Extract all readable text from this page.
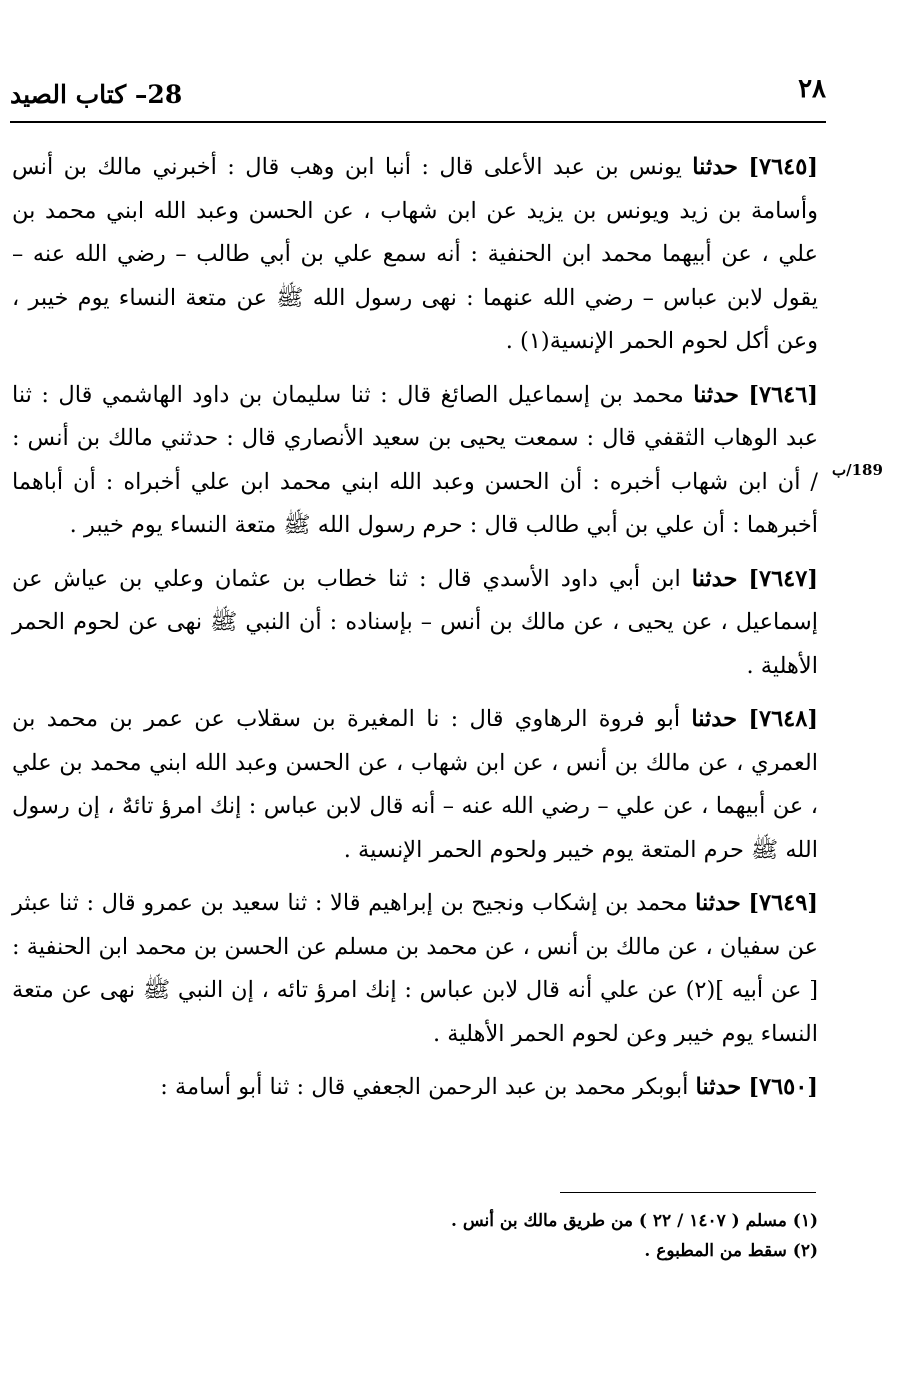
٢٨
28– كتاب الصيد
189/ب

[٧٦٤٥] حدثنا يونس بن عبد الأعلى قال : أنبا ابن وهب قال : أخبرني مالك بن أنس وأسامة بن زيد ويونس بن يزيد عن ابن شهاب ، عن الحسن وعبد الله ابني محمد بن علي ، عن أبيهما محمد ابن الحنفية : أنه سمع علي بن أبي طالب – رضي الله عنه – يقول لابن عباس – رضي الله عنهما : نهى رسول الله ﷺ عن متعة النساء يوم خيبر ، وعن أكل لحوم الحمر الإنسية(١) .

[٧٦٤٦] حدثنا محمد بن إسماعيل الصائغ قال : ثنا سليمان بن داود الهاشمي قال : ثنا عبد الوهاب الثقفي قال : سمعت يحيى بن سعيد الأنصاري قال : حدثني مالك بن أنس : / أن ابن شهاب أخبره : أن الحسن وعبد الله ابني محمد ابن علي أخبراه : أن أباهما أخبرهما : أن علي بن أبي طالب قال : حرم رسول الله ﷺ متعة النساء يوم خيبر .

[٧٦٤٧] حدثنا ابن أبي داود الأسدي قال : ثنا خطاب بن عثمان وعلي بن عياش عن إسماعيل ، عن يحيى ، عن مالك بن أنس – بإسناده : أن النبي ﷺ نهى عن لحوم الحمر الأهلية .

[٧٦٤٨] حدثنا أبو فروة الرهاوي قال : نا المغيرة بن سقلاب عن عمر بن محمد بن العمري ، عن مالك بن أنس ، عن ابن شهاب ، عن الحسن وعبد الله ابني محمد بن علي ، عن أبيهما ، عن علي – رضي الله عنه – أنه قال لابن عباس : إنك امرؤ تائهٌ ، إن رسول الله ﷺ حرم المتعة يوم خيبر ولحوم الحمر الإنسية .

[٧٦٤٩] حدثنا محمد بن إشكاب ونجيح بن إبراهيم قالا : ثنا سعيد بن عمرو قال : ثنا عبثر عن سفيان ، عن مالك بن أنس ، عن محمد بن مسلم عن الحسن بن محمد ابن الحنفية : [ عن أبيه ](٢) عن علي أنه قال لابن عباس : إنك امرؤ تائه ، إن النبي ﷺ نهى عن متعة النساء يوم خيبر وعن لحوم الحمر الأهلية .

[٧٦٥٠] حدثنا أبوبكر محمد بن عبد الرحمن الجعفي قال : ثنا أبو أسامة :

(١) مسلم ( ١٤٠٧ / ٢٢ ) من طريق مالك بن أنس .
(٢) سقط من المطبوع .
